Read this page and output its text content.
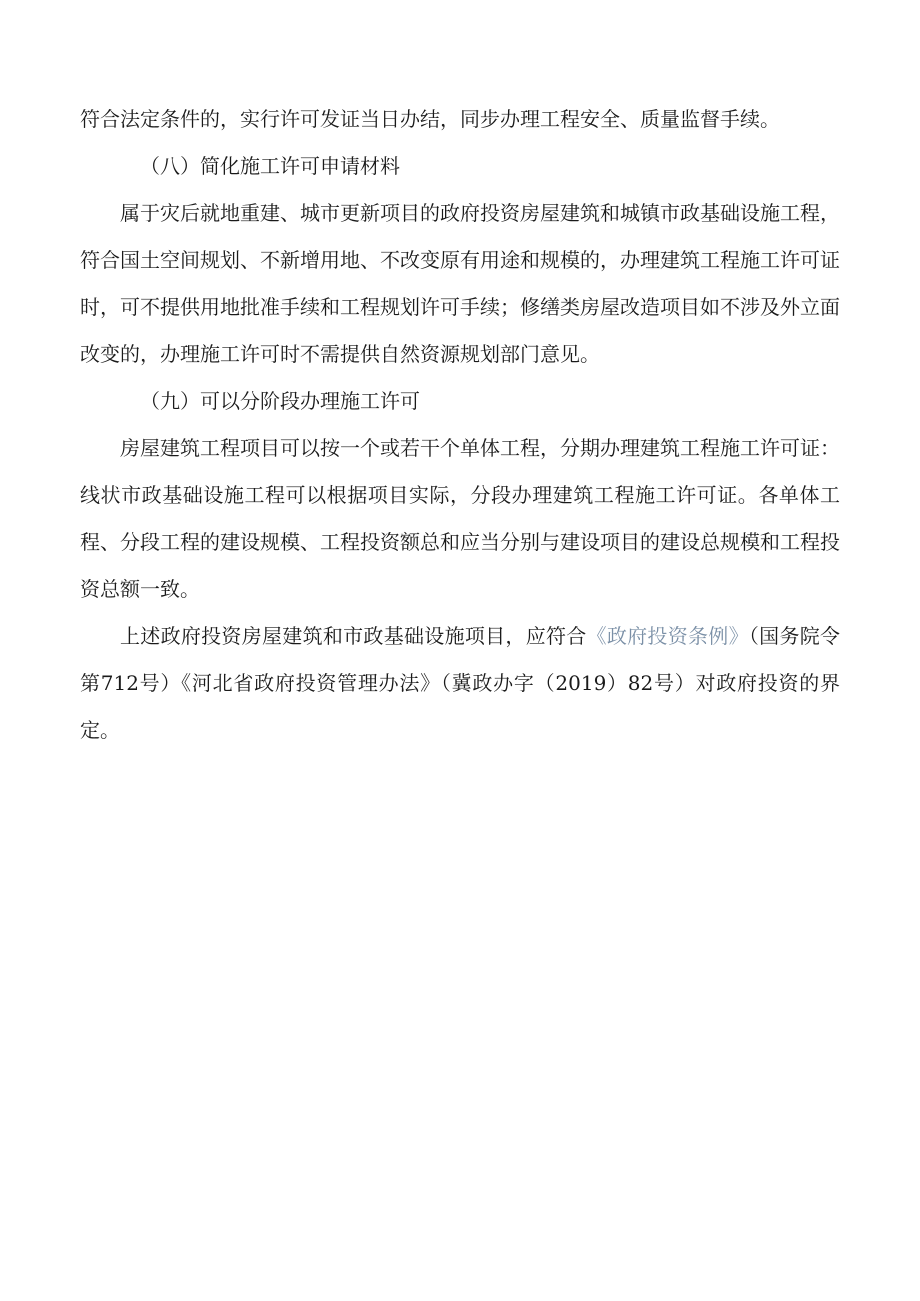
符合法定条件的，实行许可发证当日办结，同步办理工程安全、质量监督手续。

（八）简化施工许可申请材料

属于灾后就地重建、城市更新项目的政府投资房屋建筑和城镇市政基础设施工程，符合国土空间规划、不新增用地、不改变原有用途和规模的，办理建筑工程施工许可证时，可不提供用地批准手续和工程规划许可手续；修缮类房屋改造项目如不涉及外立面改变的，办理施工许可时不需提供自然资源规划部门意见。

（九）可以分阶段办理施工许可

房屋建筑工程项目可以按一个或若干个单体工程，分期办理建筑工程施工许可证：线状市政基础设施工程可以根据项目实际，分段办理建筑工程施工许可证。各单体工程、分段工程的建设规模、工程投资额总和应当分别与建设项目的建设总规模和工程投资总额一致。

上述政府投资房屋建筑和市政基础设施项目，应符合《政府投资条例》（国务院令第712号）《河北省政府投资管理办法》（冀政办字（2019）82号）对政府投资的界定。
